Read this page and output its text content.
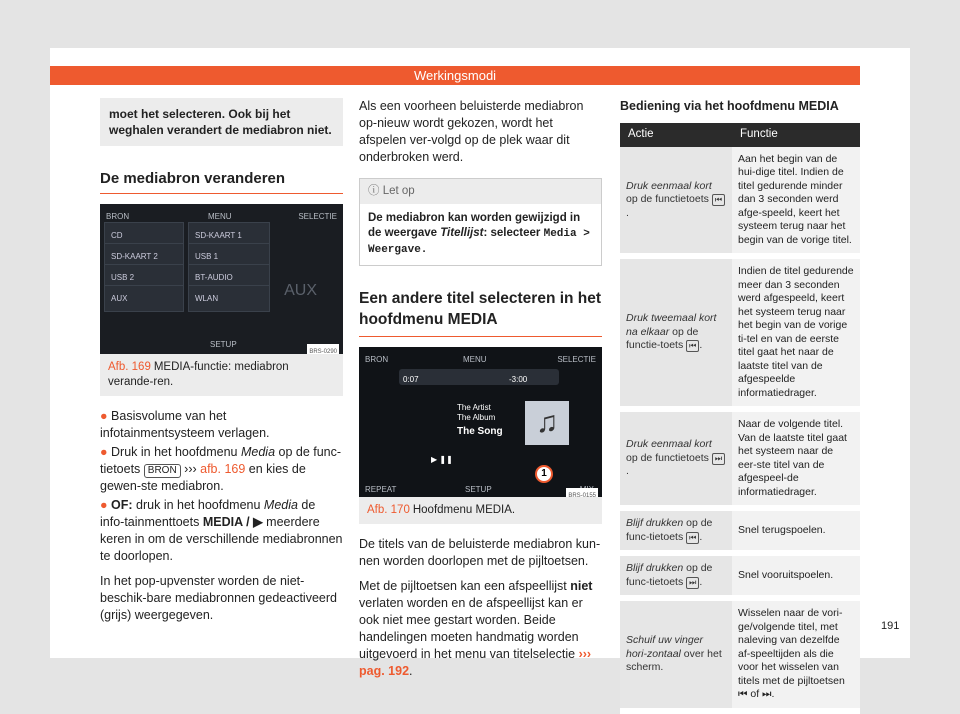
Werkingsmodi
moet het selecteren. Ook bij het weghalen verandert de mediabron niet.
De mediabron veranderen
BRON	MENU	SELECTIE
CD	SD-KAART 1
SD-KAART 2	USB 1
USB 2	BT-AUDIO
AUX	WLAN	AUX
SETUP
BRS-0290
Afb. 169 MEDIA-functie: mediabron verande-ren.

● Basisvolume van het infotainmentsysteem verlagen.

● Druk in het hoofdmenu Media op de func-tietoets BRON ››› afb. 169 en kies de gewen-ste mediabron.

● OF: druk in het hoofdmenu Media de info-tainmenttoets MEDIA / ▶ meerdere keren in om de verschillende mediabronnen te doorlopen.

In het pop-upvenster worden de niet-beschik-bare mediabronnen gedeactiveerd (grijs) weergegeven.

Als een voorheen beluisterde mediabron op-nieuw wordt gekozen, wordt het afspelen ver-volgd op de plek waar dit onderbroken werd.
ⓘ Let op
De mediabron kan worden gewijzigd in de weergave Titellijst: selecteer Media > Weergave.
Een andere titel selecteren in het hoofdmenu MEDIA
BRON	MENU	SELECTIE
0:07	-3:00
The Artist
The Album
The Song	♫
▶ ❚❚
REPEAT	SETUP
1
BRS-0155
Afb. 170 Hoofdmenu MEDIA.

De titels van de beluisterde mediabron kun-nen worden doorlopen met de pijltoetsen.

Met de pijltoetsen kan een afspeellijst niet verlaten worden en de afspeellijst kan er ook niet mee gestart worden. Beide handelingen moeten handmatig worden uitgevoerd in het menu van titelselectie ››› pag. 192.

Bediening via het hoofdmenu MEDIA
Actie	Functie
Druk eenmaal kort op de functietoets ⏮.	Aan het begin van de hui-dige titel. Indien de titel gedurende minder dan 3 seconden werd afge-speeld, keert het systeem terug naar het begin van de vorige titel.
Druk tweemaal kort na elkaar op de functie-toets ⏮ .	Indien de titel gedurende meer dan 3 seconden werd afgespeeld, keert het systeem terug naar het begin van de vorige ti-tel en van de eerste titel gaat het naar de laatste titel van de afgespeelde informatiedrager.
Druk eenmaal kort op de functietoets ⏭.	Naar de volgende titel. Van de laatste titel gaat het systeem naar de eer-ste titel van de afgespeel-de informatiedrager.
Blijf drukken op de func-tietoets ⏮ .	Snel terugspoelen.
Blijf drukken op de func-tietoets ⏭ .	Snel vooruitspoelen.
Schuif uw vinger hori-zontaal over het scherm.	Wisselen naar de vori-ge/volgende titel, met naleving van dezelfde af-speeltijden als die voor het wisselen van titels met de pijltoetsen ⏮ of ⏭.
191
